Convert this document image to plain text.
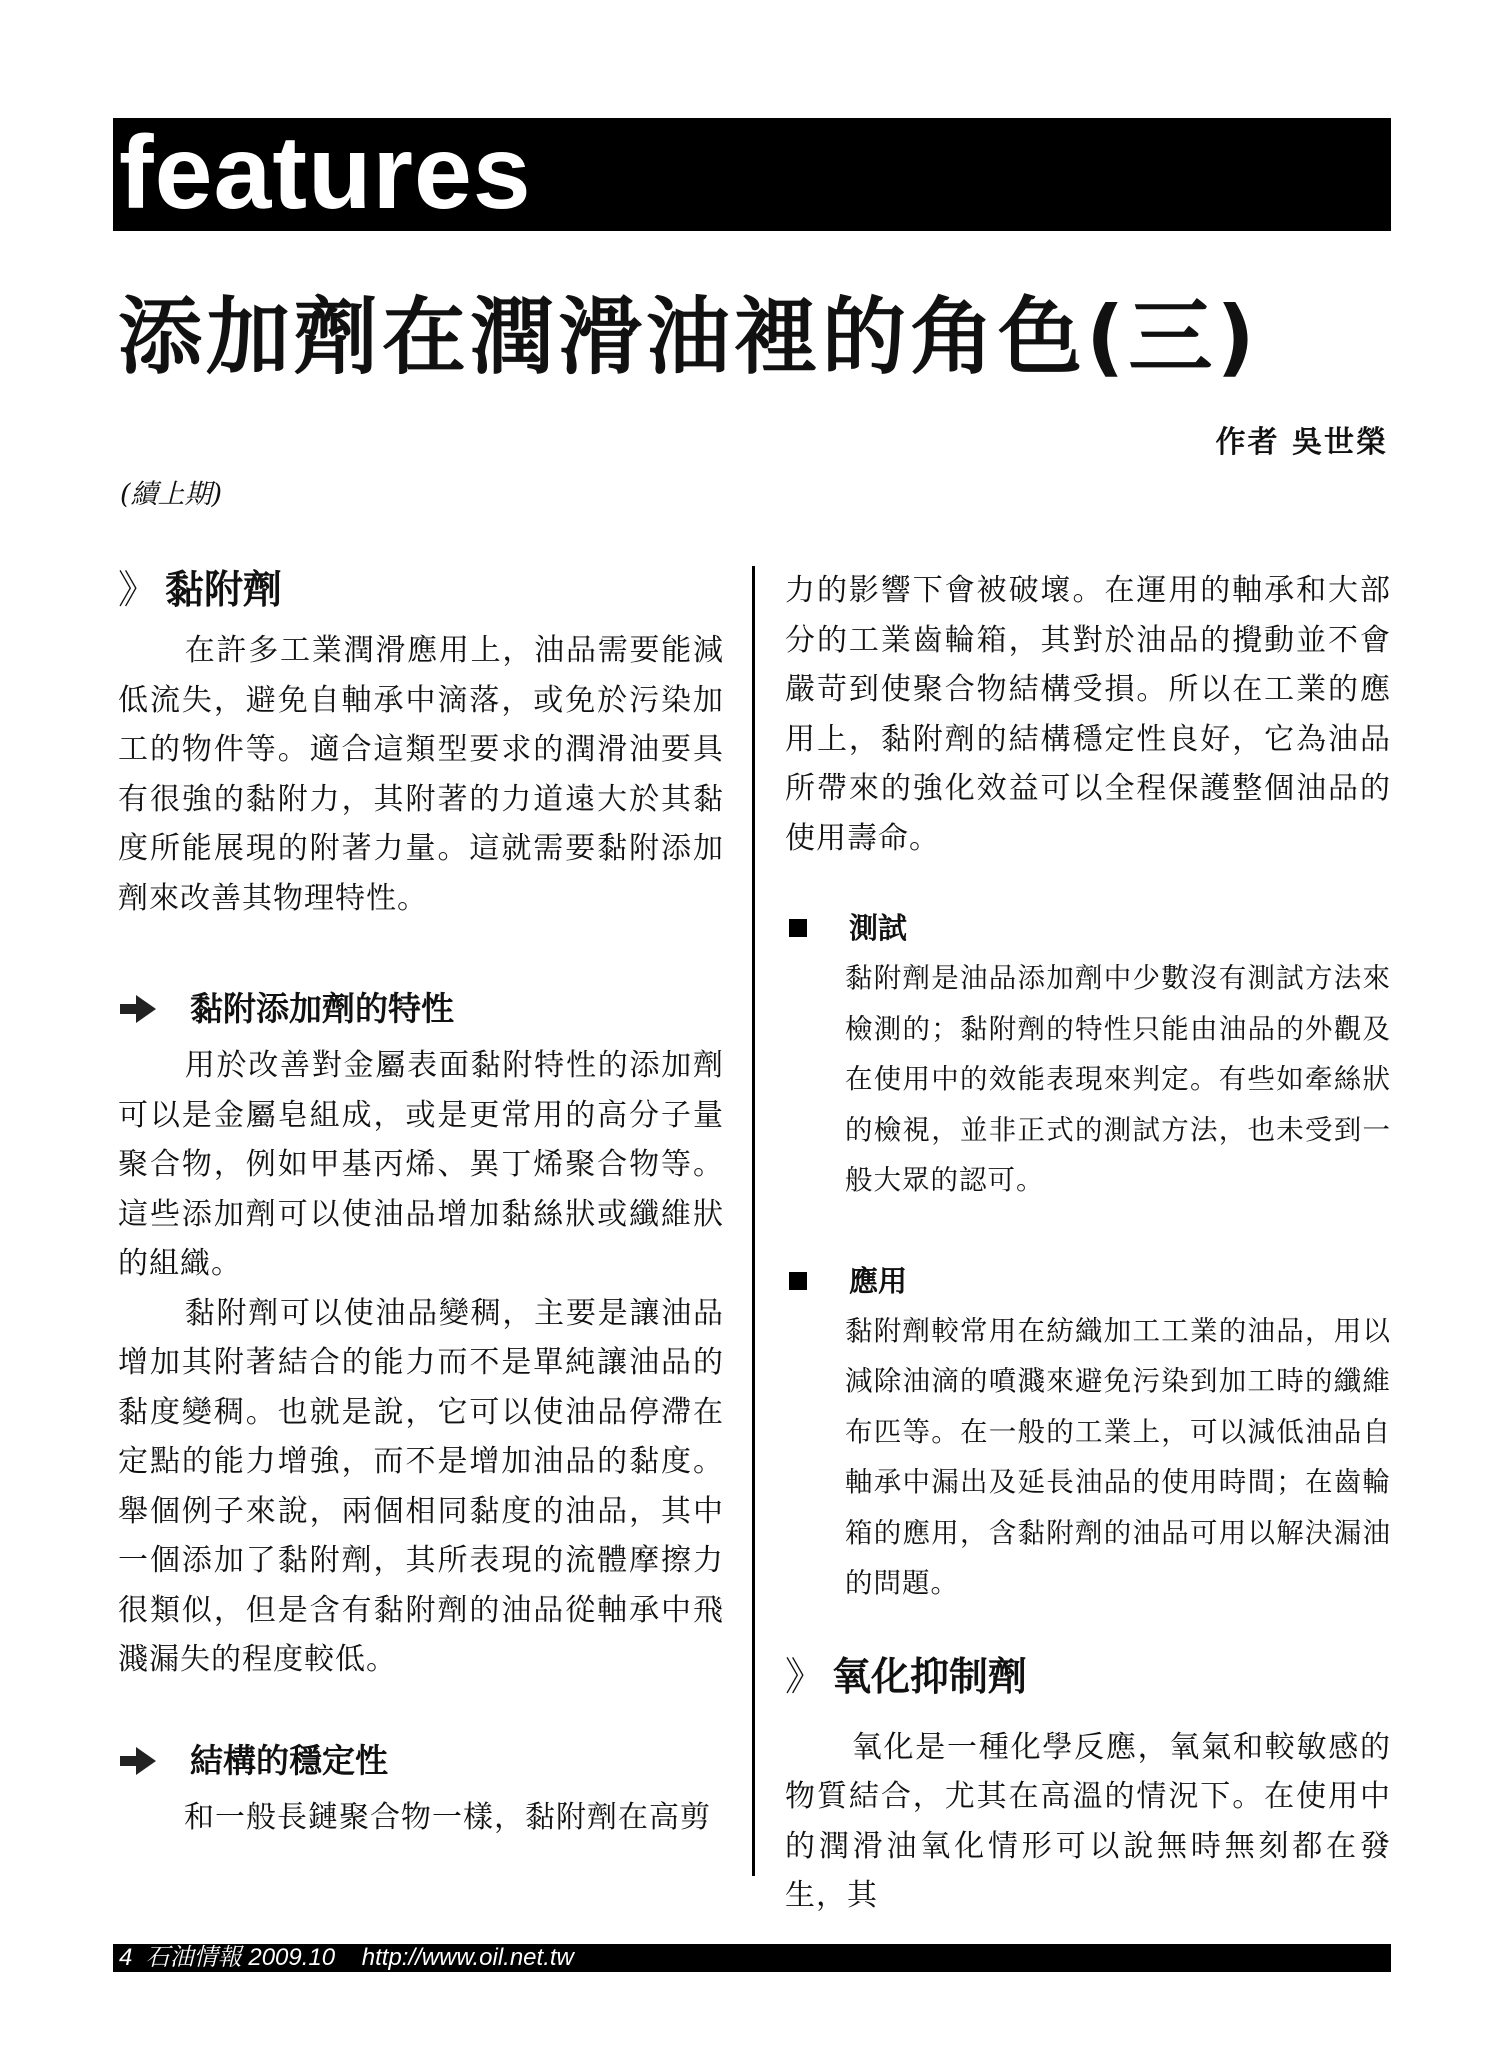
features
添加劑在潤滑油裡的角色(三)
作者 吳世榮
(續上期)
》 黏附劑

在許多工業潤滑應用上，油品需要能減低流失，避免自軸承中滴落，或免於污染加工的物件等。適合這類型要求的潤滑油要具有很強的黏附力，其附著的力道遠大於其黏度所能展現的附著力量。這就需要黏附添加劑來改善其物理特性。

黏附添加劑的特性

用於改善對金屬表面黏附特性的添加劑可以是金屬皂組成，或是更常用的高分子量聚合物，例如甲基丙烯、異丁烯聚合物等。這些添加劑可以使油品增加黏絲狀或纖維狀的組織。

黏附劑可以使油品變稠，主要是讓油品增加其附著結合的能力而不是單純讓油品的黏度變稠。也就是說，它可以使油品停滯在定點的能力增強，而不是增加油品的黏度。舉個例子來說，兩個相同黏度的油品，其中一個添加了黏附劑，其所表現的流體摩擦力很類似，但是含有黏附劑的油品從軸承中飛濺漏失的程度較低。

結構的穩定性

和一般長鏈聚合物一樣，黏附劑在高剪

力的影響下會被破壞。在運用的軸承和大部分的工業齒輪箱，其對於油品的攪動並不會嚴苛到使聚合物結構受損。所以在工業的應用上，黏附劑的結構穩定性良好，它為油品所帶來的強化效益可以全程保護整個油品的使用壽命。

測試

黏附劑是油品添加劑中少數沒有測試方法來檢測的；黏附劑的特性只能由油品的外觀及在使用中的效能表現來判定。有些如牽絲狀的檢視，並非正式的測試方法，也未受到一般大眾的認可。

應用

黏附劑較常用在紡織加工工業的油品，用以減除油滴的噴濺來避免污染到加工時的纖維布匹等。在一般的工業上，可以減低油品自軸承中漏出及延長油品的使用時間；在齒輪箱的應用，含黏附劑的油品可用以解決漏油的問題。

》 氧化抑制劑

氧化是一種化學反應，氧氣和較敏感的物質結合，尤其在高溫的情況下。在使用中的潤滑油氧化情形可以說無時無刻都在發生，其

4  石油情報 2009.10    http://www.oil.net.tw
